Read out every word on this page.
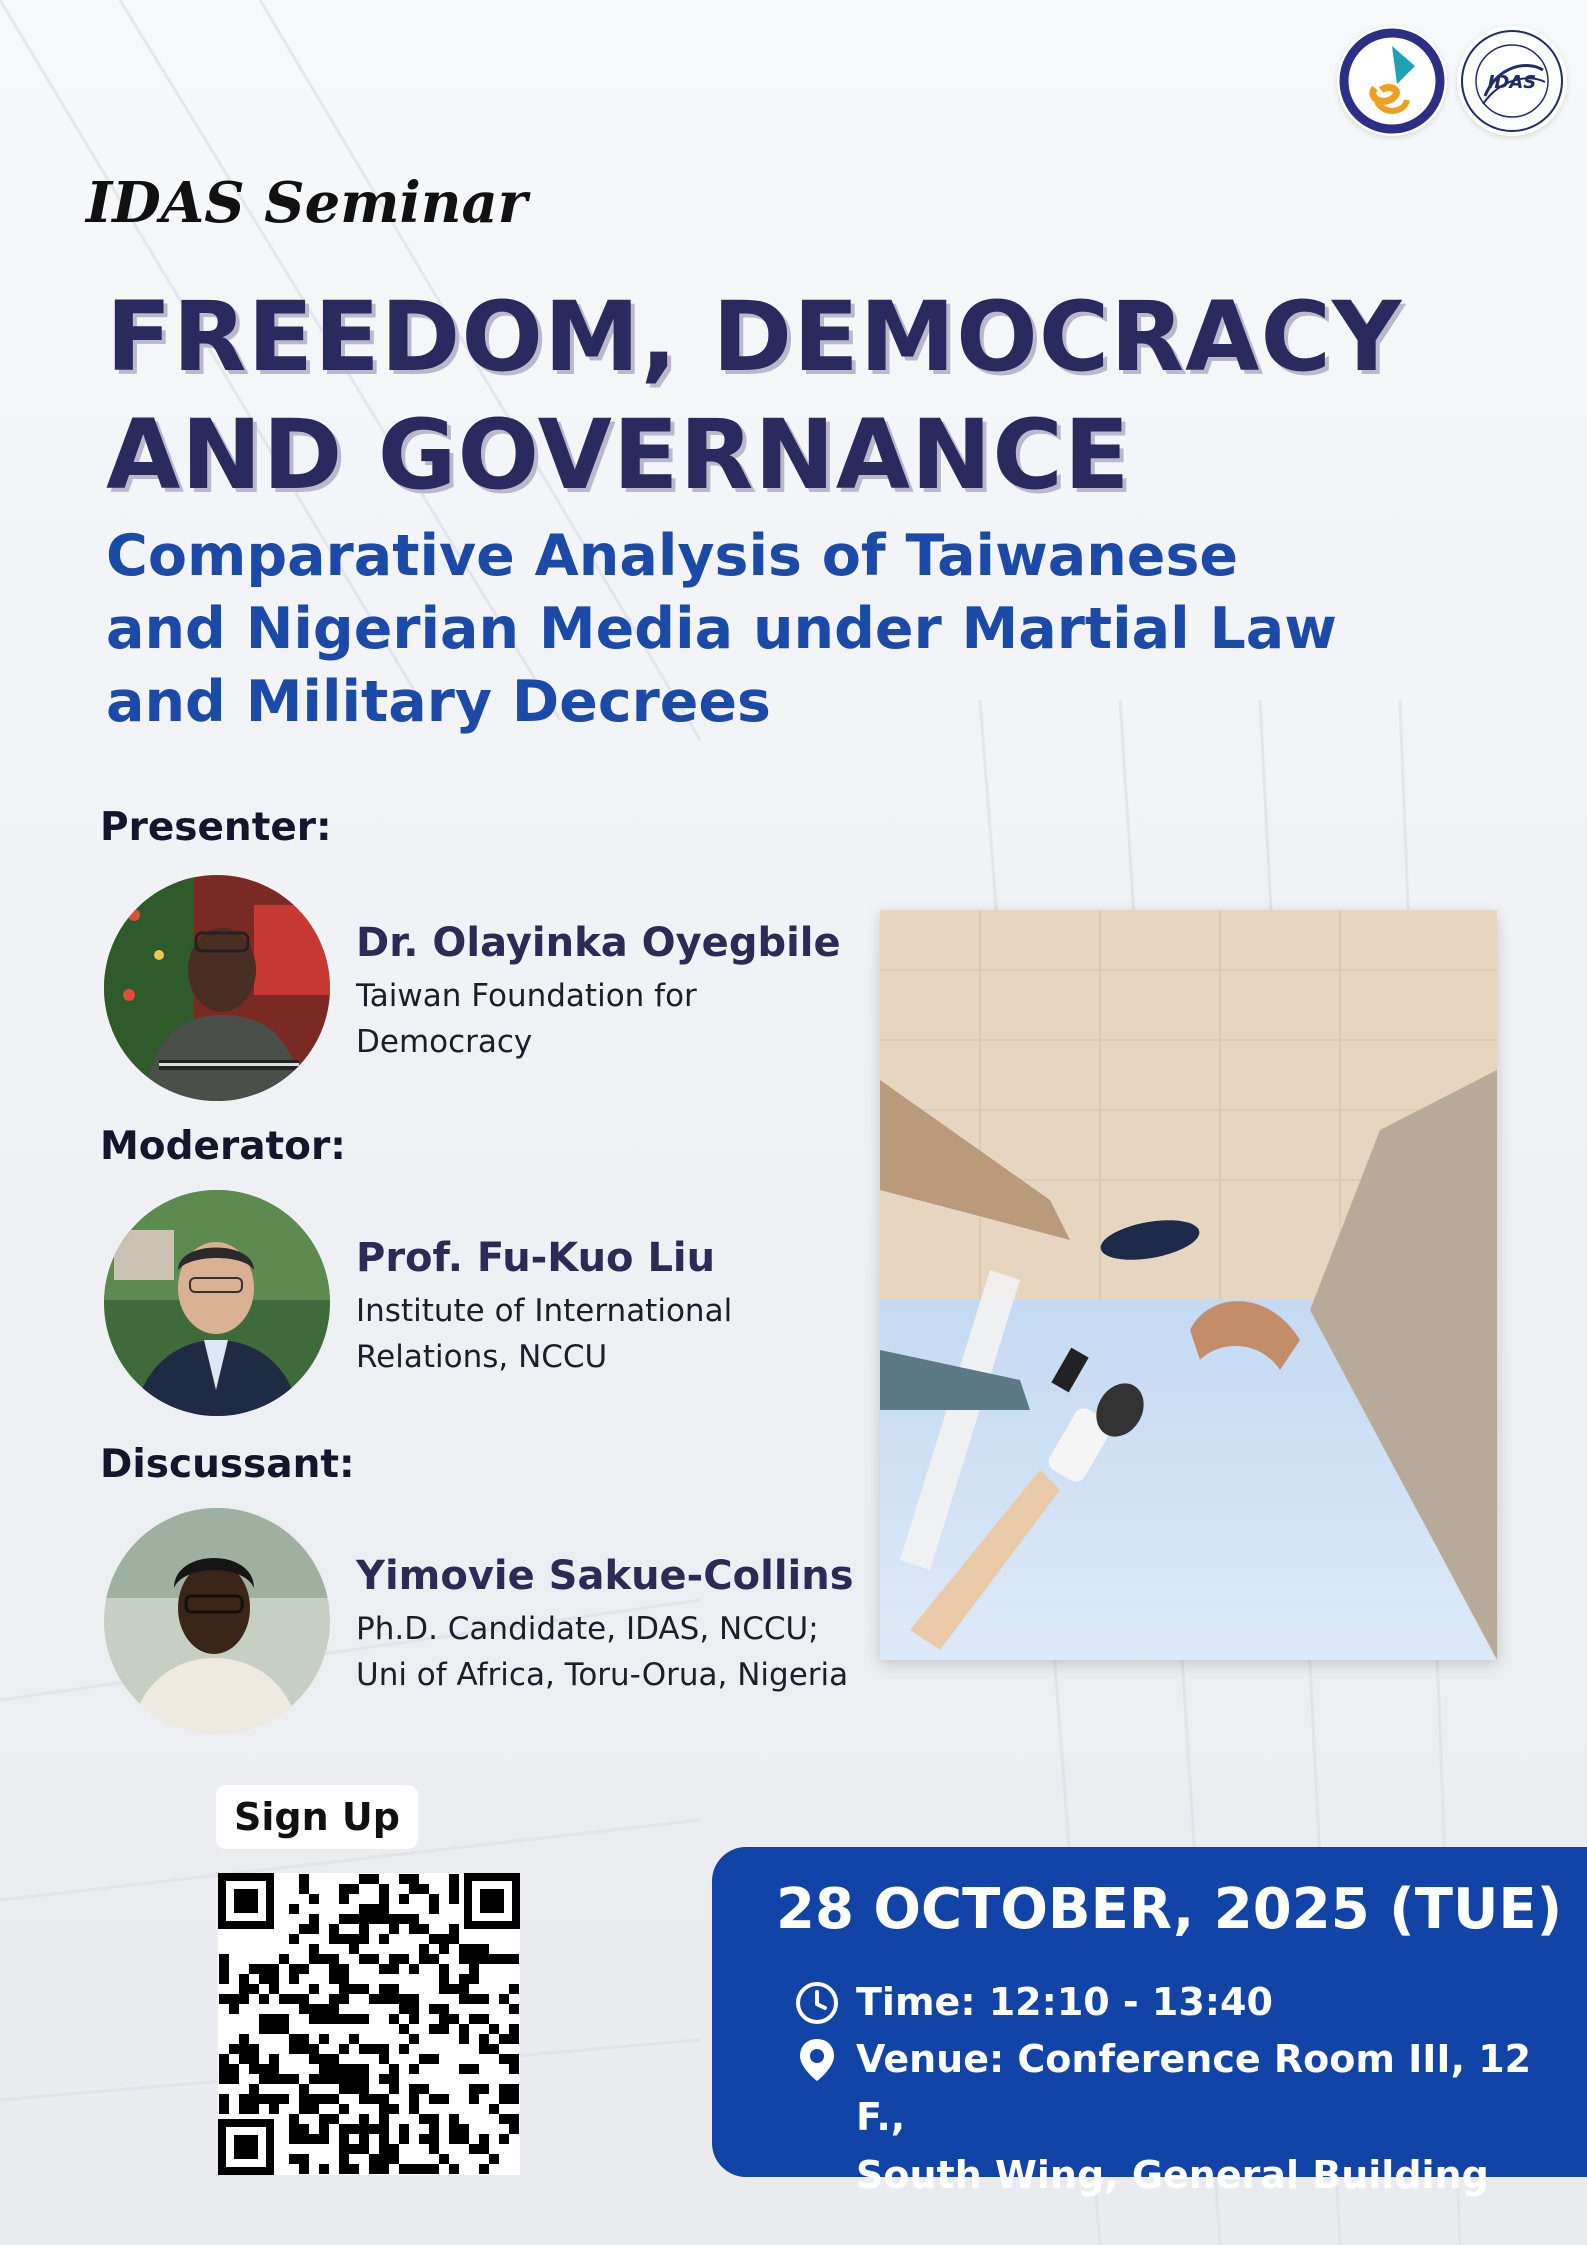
IDAS
IDAS Seminar
FREEDOM, DEMOCRACY
AND GOVERNANCE
Comparative Analysis of Taiwanese
and Nigerian Media under Martial Law
and Military Decrees
Presenter:
Dr. Olayinka Oyegbile
Taiwan Foundation for
Democracy
Moderator:
Prof. Fu-Kuo Liu
Institute of International
Relations, NCCU
Discussant:
Yimovie Sakue-Collins
Ph.D. Candidate, IDAS, NCCU;
Uni of Africa, Toru-Orua, Nigeria
Sign Up
28 OCTOBER, 2025 (TUE)
Time: 12:10 - 13:40
Venue: Conference Room III, 12 F.,
South Wing, General Building
